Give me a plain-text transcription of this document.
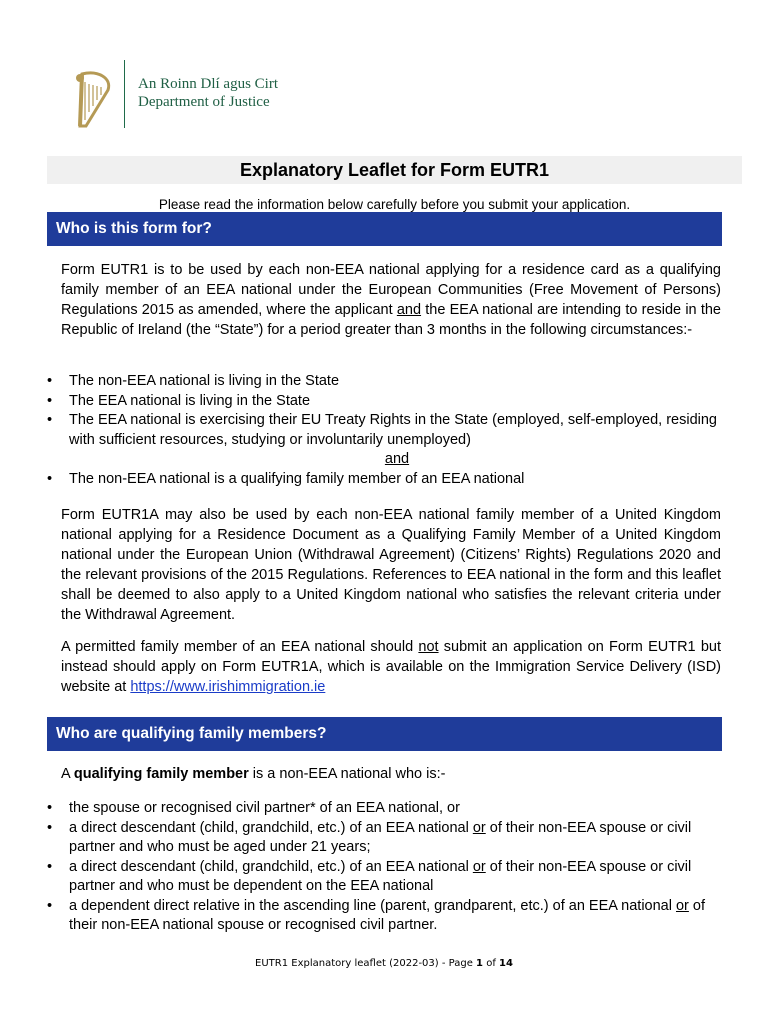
An Roinn Dlí agus Cirt
Department of Justice
Explanatory Leaflet for Form EUTR1
Please read the information below carefully before you submit your application.
Who is this form for?
Form EUTR1 is to be used by each non-EEA national applying for a residence card as a qualifying family member of an EEA national under the European Communities (Free Movement of Persons) Regulations 2015 as amended, where the applicant and the EEA national are intending to reside in the Republic of Ireland (the “State”) for a period greater than 3 months in the following circumstances:-
• The non-EEA national is living in the State
• The EEA national is living in the State
• The EEA national is exercising their EU Treaty Rights in the State (employed, self-employed, residing with sufficient resources, studying or involuntarily unemployed)
and
• The non-EEA national is a qualifying family member of an EEA national
Form EUTR1A may also be used by each non-EEA national family member of a United Kingdom national applying for a Residence Document as a Qualifying Family Member of a United Kingdom national under the European Union (Withdrawal Agreement) (Citizens’ Rights) Regulations 2020 and the relevant provisions of the 2015 Regulations. References to EEA national in the form and this leaflet shall be deemed to also apply to a United Kingdom national who satisfies the relevant criteria under the Withdrawal Agreement.
A permitted family member of an EEA national should not submit an application on Form EUTR1 but instead should apply on Form EUTR1A, which is available on the Immigration Service Delivery (ISD) website at https://www.irishimmigration.ie
Who are qualifying family members?
A qualifying family member is a non-EEA national who is:-
• the spouse or recognised civil partner* of an EEA national, or
• a direct descendant (child, grandchild, etc.) of an EEA national or of their non-EEA spouse or civil partner and who must be aged under 21 years;
• a direct descendant (child, grandchild, etc.) of an EEA national or of their non-EEA spouse or civil partner and who must be dependent on the EEA national
• a dependent direct relative in the ascending line (parent, grandparent, etc.) of an EEA national or of their non-EEA national spouse or recognised civil partner.
EUTR1 Explanatory leaflet (2022-03) - Page 1 of 14
